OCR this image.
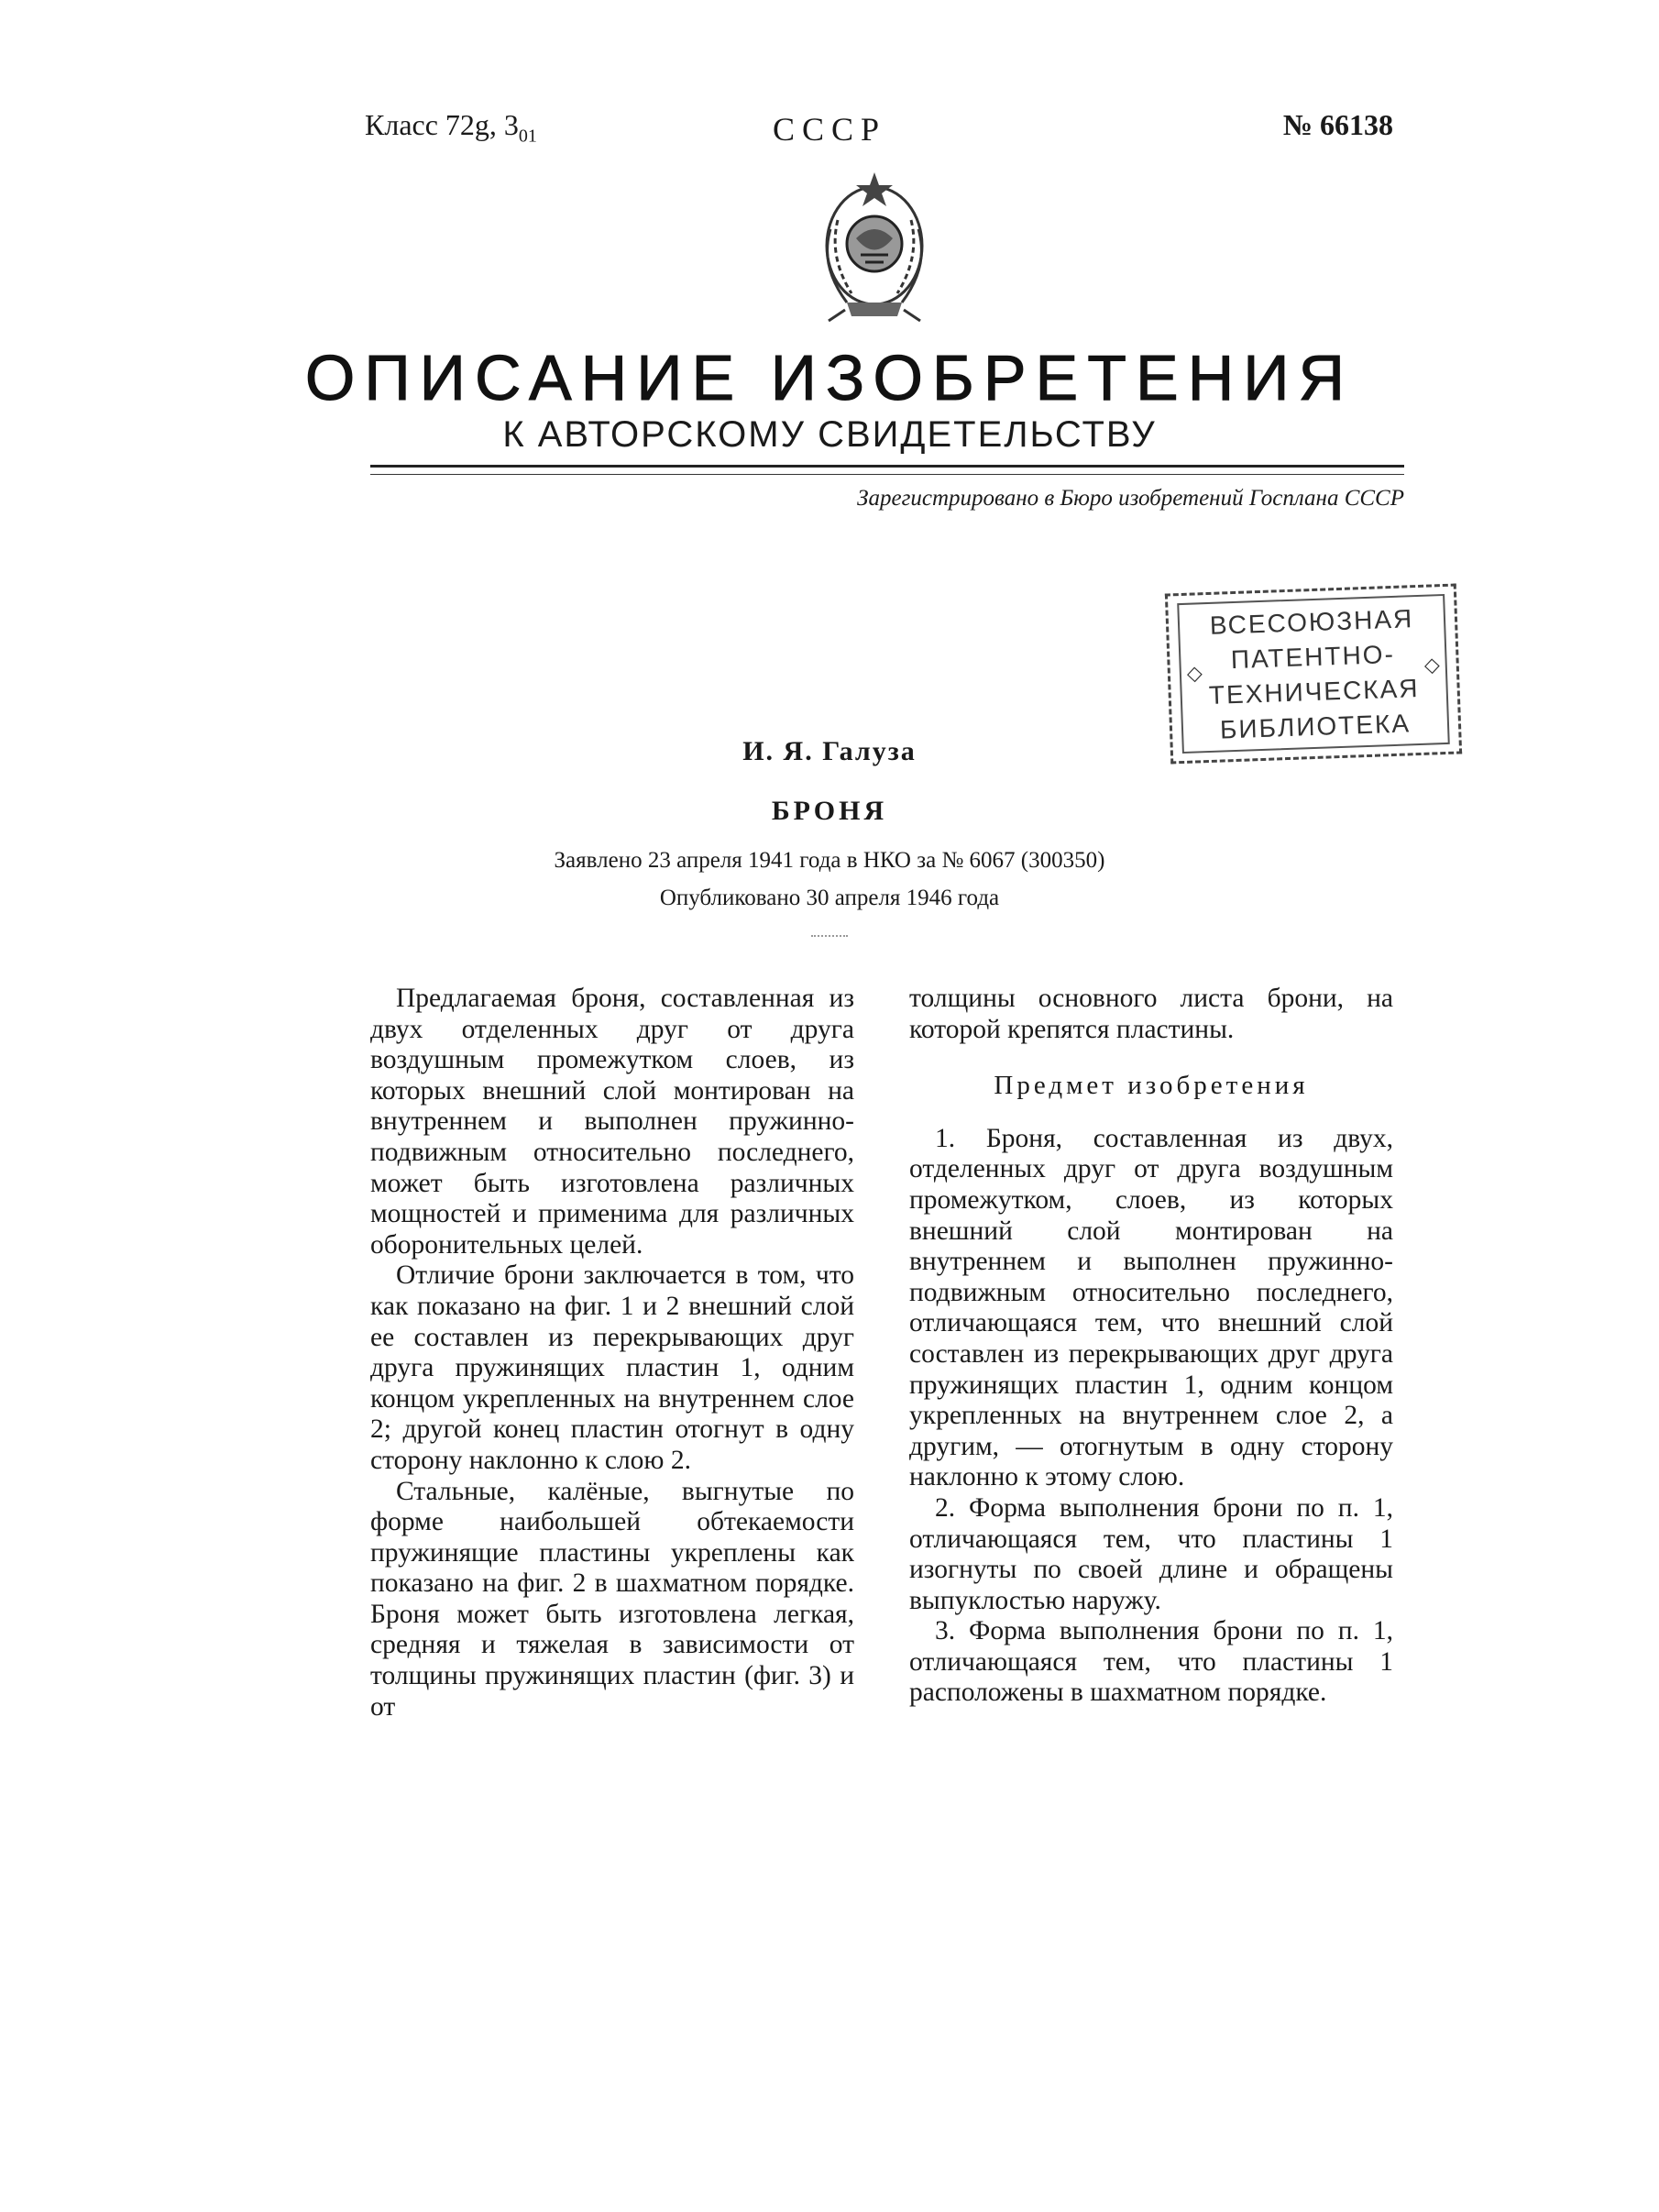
Класс 72g, $3_{01}$	СССР	№ 66138
ОПИСАНИЕ ИЗОБРЕТЕНИЯ
К АВТОРСКОМУ СВИДЕТЕЛЬСТВУ
Зарегистрировано в Бюро изобретений Госплана СССР
ВСЕСОЮЗНАЯ
ПАТЕНТНО-
ТЕХНИЧЕСКАЯ
БИБЛИОТЕКА
◇	◇
И. Я. Галуза
БРОНЯ
Заявлено 23 апреля 1941 года в НКО за № 6067 (300350)
Опубликовано 30 апреля 1946 года

Предлагаемая броня, составленная из двух отделенных друг от друга воздушным промежутком слоев, из которых внешний слой монтирован на внутреннем и выполнен пружинно-подвижным относительно последнего, может быть изготовлена различных мощностей и применима для различных оборонительных целей.

Отличие брони заключается в том, что как показано на фиг. 1 и 2 внешний слой ее составлен из перекрывающих друг друга пружинящих пластин 1, одним концом укрепленных на внутреннем слое 2; другой конец пластин отогнут в одну сторону наклонно к слою 2.

Стальные, калёные, выгнутые по форме наибольшей обтекаемости пружинящие пластины укреплены как показано на фиг. 2 в шахматном порядке. Броня может быть изготовлена легкая, средняя и тяжелая в зависимости от толщины пружинящих пластин (фиг. 3) и от

толщины основного листа брони, на которой крепятся пластины.

Предмет изобретения

1. Броня, составленная из двух, отделенных друг от друга воздушным промежутком, слоев, из которых внешний слой монтирован на внутреннем и выполнен пружинно-подвижным относительно последнего, отличающаяся тем, что внешний слой составлен из перекрывающих друг друга пружинящих пластин 1, одним концом укрепленных на внутреннем слое 2, а другим, — отогнутым в одну сторону наклонно к этому слою.

2. Форма выполнения брони по п. 1, отличающаяся тем, что пластины 1 изогнуты по своей длине и обращены выпуклостью наружу.

3. Форма выполнения брони по п. 1, отличающаяся тем, что пластины 1 расположены в шахматном порядке.
